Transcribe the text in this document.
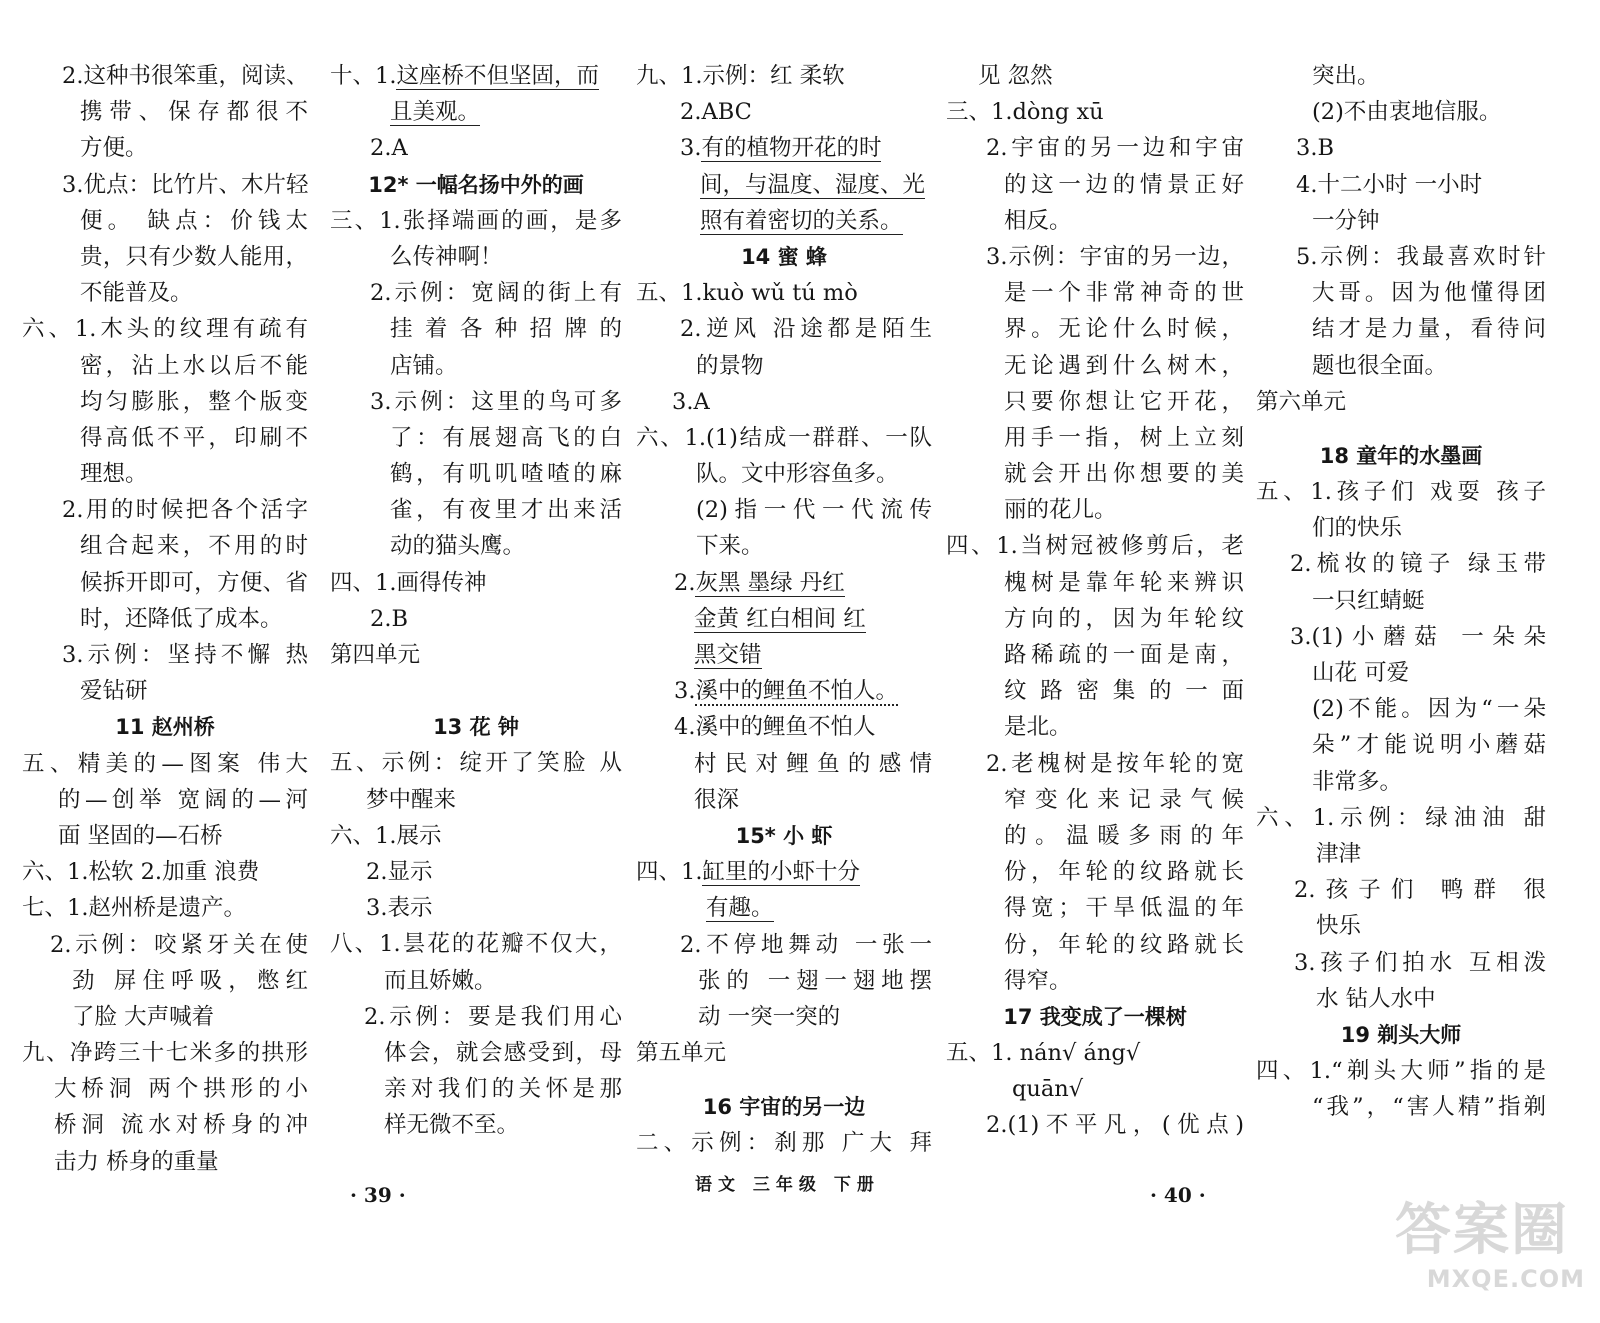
2.这种书很笨重，阅读、
携带、保存都很不
方便。
3.优点：比竹片、木片轻
便。 缺点：价钱太
贵，只有少数人能用，
不能普及。
六、1.木头的纹理有疏有
密，沾上水以后不能
均匀膨胀，整个版变
得高低不平，印刷不
理想。
2.用的时候把各个活字
组合起来，不用的时
候拆开即可，方便、省
时，还降低了成本。
3.示例：坚持不懈 热
爱钻研
11 赵州桥
五、精美的—图案 伟大
的—创举 宽阔的—河
面 坚固的—石桥
六、1.松软 2.加重 浪费
七、1.赵州桥是遗产。
2.示例：咬紧牙关在使
劲 屏住呼吸，憋红
了脸 大声喊着
九、净跨三十七米多的拱形
大桥洞 两个拱形的小
桥洞 流水对桥身的冲
击力 桥身的重量
十、1.这座桥不但坚固，而
且美观。
2.A
12* 一幅名扬中外的画
三、1.张择端画的画，是多
么传神啊！
2.示例：宽阔的街上有
挂着各种招牌的
店铺。
3.示例：这里的鸟可多
了：有展翅高飞的白
鹤，有叽叽喳喳的麻
雀，有夜里才出来活
动的猫头鹰。
四、1.画得传神
2.B
第四单元
13 花 钟
五、示例：绽开了笑脸 从
梦中醒来
六、1.展示
2.显示
3.表示
八、1.昙花的花瓣不仅大，
而且娇嫩。
2.示例：要是我们用心
体会，就会感受到，母
亲对我们的关怀是那
样无微不至。
九、1.示例：红 柔软
2.ABC
3.有的植物开花的时
间，与温度、湿度、光
照有着密切的关系。
14 蜜 蜂
五、1.kuò wǔ tú mò
2.逆风 沿途都是陌生
的景物
3.A
六、1.(1)结成一群群、一队
队。文中形容鱼多。
(2)指一代一代流传
下来。
2.灰黑 墨绿 丹红
金黄 红白相间 红
黑交错
3.溪中的鲤鱼不怕人。
4.溪中的鲤鱼不怕人
村民对鲤鱼的感情
很深
15* 小 虾
四、1.缸里的小虾十分
有趣。
2.不停地舞动 一张一
张的 一翅一翅地摆
动 一突一突的
第五单元
16 宇宙的另一边
二、示例：刹那 广大 拜
见 忽然
三、1.dòng xū
2.宇宙的另一边和宇宙
的这一边的情景正好
相反。
3.示例：宇宙的另一边，
是一个非常神奇的世
界。无论什么时候，
无论遇到什么树木，
只要你想让它开花，
用手一指，树上立刻
就会开出你想要的美
丽的花儿。
四、1.当树冠被修剪后，老
槐树是靠年轮来辨识
方向的，因为年轮纹
路稀疏的一面是南，
纹路密集的一面
是北。
2.老槐树是按年轮的宽
窄变化来记录气候
的。温暖多雨的年
份，年轮的纹路就长
得宽；干旱低温的年
份，年轮的纹路就长
得窄。
17 我变成了一棵树
五、1. nán√ áng√
quān√
2.(1)不平凡，(优点)
突出。
(2)不由衷地信服。
3.B
4.十二小时 一小时
一分钟
5.示例：我最喜欢时针
大哥。因为他懂得团
结才是力量，看待问
题也很全面。
第六单元
18 童年的水墨画
五、1.孩子们 戏耍 孩子
们的快乐
2.梳妆的镜子 绿玉带
一只红蜻蜓
3.(1)小蘑菇 一朵朵
山花 可爱
(2)不能。因为“一朵
朵”才能说明小蘑菇
非常多。
六、1.示例：绿油油 甜
津津
2.孩子们 鸭群 很
快乐
3.孩子们拍水 互相泼
水 钻人水中
19 剃头大师
四、1.“剃头大师”指的是
“我”，“害人精”指剃
· 39 ·	语文 三年级 下册	· 40 ·
答案圈
MXQE.COM
